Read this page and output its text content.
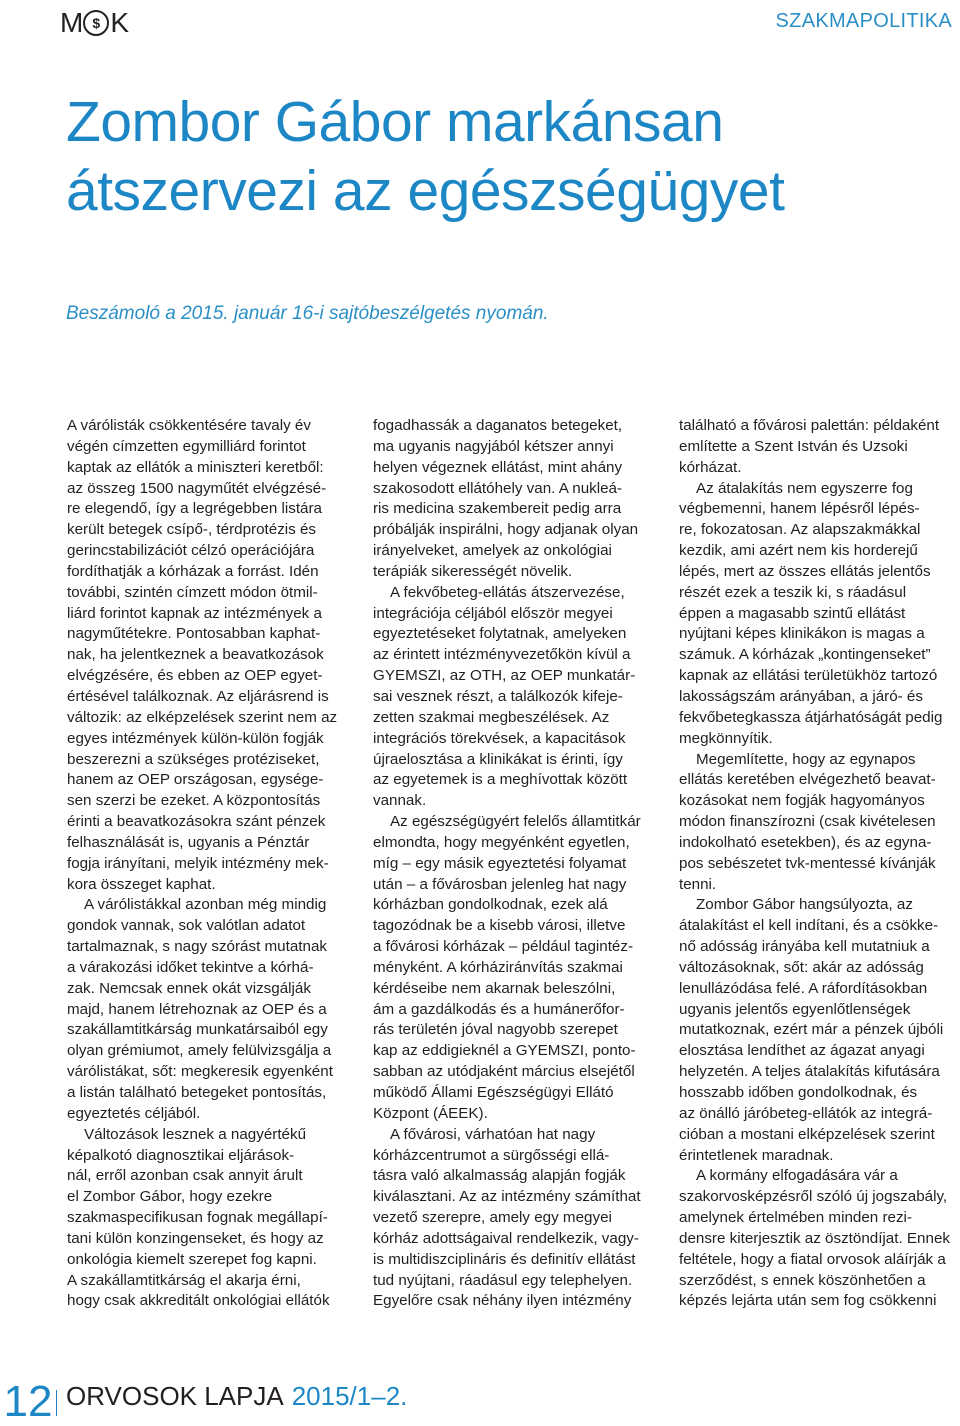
M $ K	SZAKMAPOLITIKA
Zombor Gábor markánsan
átszervezi az egészségügyet

Beszámoló a 2015. január 16-i sajtóbeszélgetés nyomán.

A várólisták csökkentésére tavaly év
végén címzetten egymilliárd forintot
kaptak az ellátók a miniszteri keretből:
az összeg 1500 nagyműtét elvégzésé-
re elegendő, így a legrégebben listára
került betegek csípő-, térdprotézis és
gerincstabilizációt célzó operációjára
fordíthatják a kórházak a forrást. Idén
további, szintén címzett módon ötmil-
liárd forintot kapnak az intézmények a
nagyműtétekre. Pontosabban kaphat-
nak, ha jelentkeznek a beavatkozások
elvégzésére, és ebben az OEP egyet-
értésével találkoznak. Az eljárásrend is
változik: az elképzelések szerint nem az
egyes intézmények külön-külön fogják
beszerezni a szükséges protéziseket,
hanem az OEP országosan, egysége-
sen szerzi be ezeket. A központosítás
érinti a beavatkozásokra szánt pénzek
felhasználását is, ugyanis a Pénztár
fogja irányítani, melyik intézmény mek-
kora összeget kaphat.
A várólistákkal azonban még mindig
gondok vannak, sok valótlan adatot
tartalmaznak, s nagy szórást mutatnak
a várakozási időket tekintve a kórhá-
zak. Nemcsak ennek okát vizsgálják
majd, hanem létrehoznak az OEP és a
szakállamtitkárság munkatársaiból egy
olyan grémiumot, amely felülvizsgálja a
várólistákat, sőt: megkeresik egyenként
a listán található betegeket pontosítás,
egyeztetés céljából.
Változások lesznek a nagyértékű
képalkotó diagnosztikai eljárások-
nál, erről azonban csak annyit árult
el Zombor Gábor, hogy ezekre
szakmaspecifikusan fognak megállapí-
tani külön konzingenseket, és hogy az
onkológia kiemelt szerepet fog kapni.
A szakállamtitkárság el akarja érni,
hogy csak akkreditált onkológiai ellátók
fogadhassák a daganatos betegeket,
ma ugyanis nagyjából kétszer annyi
helyen végeznek ellátást, mint ahány
szakosodott ellátóhely van. A nukleá-
ris medicina szakembereit pedig arra
próbálják inspirálni, hogy adjanak olyan
irányelveket, amelyek az onkológiai
terápiák sikerességét növelik.
A fekvőbeteg-ellátás átszervezése,
integrációja céljából először megyei
egyeztetéseket folytatnak, amelyeken
az érintett intézményvezetőkön kívül a
GYEMSZI, az OTH, az OEP munkatár-
sai vesznek részt, a találkozók kifeje-
zetten szakmai megbeszélések. Az
integrációs törekvések, a kapacitások
újraelosztása a klinikákat is érinti, így
az egyetemek is a meghívottak között
vannak.
Az egészségügyért felelős államtitkár
elmondta, hogy megyénként egyetlen,
míg – egy másik egyeztetési folyamat
után – a fővárosban jelenleg hat nagy
kórházban gondolkodnak, ezek alá
tagozódnak be a kisebb városi, illetve
a fővárosi kórházak – például tagintéz-
ményként. A kórháziránvítás szakmai
kérdéseibe nem akarnak beleszólni,
ám a gazdálkodás és a humánerőfor-
rás területén jóval nagyobb szerepet
kap az eddigieknél a GYEMSZI, ponto-
sabban az utódjaként március elsejétől
működő Állami Egészségügyi Ellátó
Központ (ÁEEK).
A fővárosi, várhatóan hat nagy
kórházcentrumot a sürgősségi ellá-
tásra való alkalmasság alapján fogják
kiválasztani. Az az intézmény számíthat
vezető szerepre, amely egy megyei
kórház adottságaival rendelkezik, vagy-
is multidiszciplináris és definitív ellátást
tud nyújtani, ráadásul egy telephelyen.
Egyelőre csak néhány ilyen intézmény
található a fővárosi palettán: példaként
említette a Szent István és Uzsoki
kórházat.
Az átalakítás nem egyszerre fog
végbemenni, hanem lépésről lépés-
re, fokozatosan. Az alapszakmákkal
kezdik, ami azért nem kis horderejű
lépés, mert az összes ellátás jelentős
részét ezek a teszik ki, s ráadásul
éppen a magasabb szintű ellátást
nyújtani képes klinikákon is magas a
számuk. A kórházak „kontingenseket”
kapnak az ellátási területükhöz tartozó
lakosságszám arányában, a járó- és
fekvőbetegkassza átjárhatóságát pedig
megkönnyítik.
Megemlítette, hogy az egynapos
ellátás keretében elvégezhető beavat-
kozásokat nem fogják hagyományos
módon finanszírozni (csak kivételesen
indokolható esetekben), és az egyna-
pos sebészetet tvk-mentessé kívánják
tenni.
Zombor Gábor hangsúlyozta, az
átalakítást el kell indítani, és a csökke-
nő adósság irányába kell mutatniuk a
változásoknak, sőt: akár az adósság
lenullázódása felé. A ráfordításokban
ugyanis jelentős egyenlőtlenségek
mutatkoznak, ezért már a pénzek újbóli
elosztása lendíthet az ágazat anyagi
helyzetén. A teljes átalakítás kifutására
hosszabb időben gondolkodnak, és
az önálló járóbeteg-ellátók az integrá-
cióban a mostani elképzelések szerint
érintetlenek maradnak.
A kormány elfogadására vár a
szakorvosképzésről szóló új jogszabály,
amelynek értelmében minden rezi-
densre kiterjesztik az ösztöndíjat. Ennek
feltétele, hogy a fiatal orvosok aláírják a
szerződést, s ennek köszönhetően a
képzés lejárta után sem fog csökkenni
12 ORVOSOK LAPJA 2015/1–2.
